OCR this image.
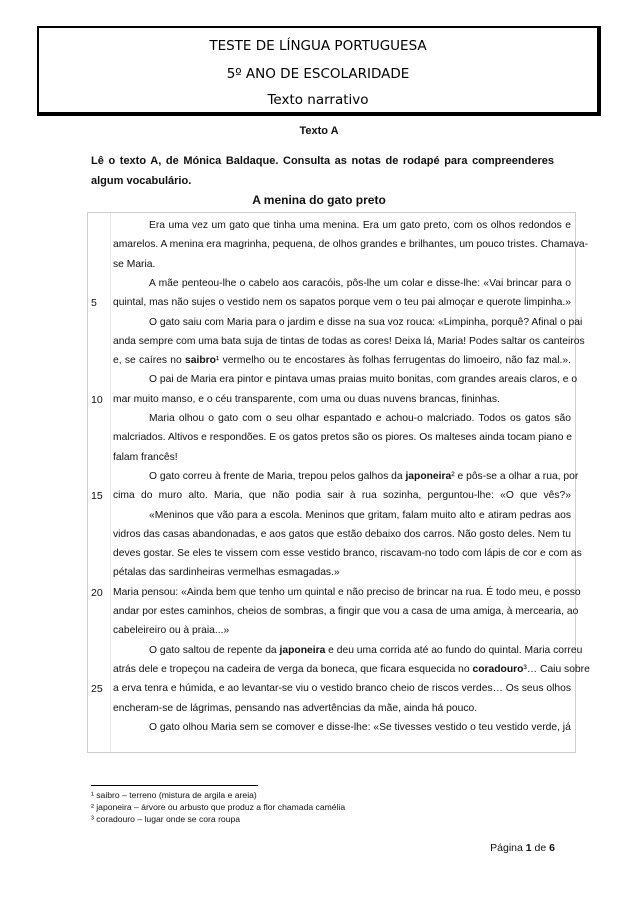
TESTE DE LÍNGUA PORTUGUESA
5º ANO DE ESCOLARIDADE
Texto narrativo
Texto A
Lê o texto A, de Mónica Baldaque. Consulta as notas de rodapé para compreenderes algum vocabulário.
A menina do gato preto
Era uma vez um gato que tinha uma menina. Era um gato preto, com os olhos redondos e
amarelos. A menina era magrinha, pequena, de olhos grandes e brilhantes, um pouco tristes. Chamava-
se Maria.
A mãe penteou-lhe o cabelo aos caracóis, pôs-lhe um colar e disse-lhe: «Vai brincar para o
quintal, mas não sujes o vestido nem os sapatos porque vem o teu pai almoçar e querote limpinha.»
O gato saiu com Maria para o jardim e disse na sua voz rouca: «Limpinha, porquê? Afinal o pai
anda sempre com uma bata suja de tintas de todas as cores! Deixa lá, Maria! Podes saltar os canteiros
e, se caíres no saibro¹ vermelho ou te encostares às folhas ferrugentas do limoeiro, não faz mal.».
O pai de Maria era pintor e pintava umas praias muito bonitas, com grandes areais claros, e o
mar muito manso, e o céu transparente, com uma ou duas nuvens brancas, fininhas.
Maria olhou o gato com o seu olhar espantado e achou-o malcriado. Todos os gatos são
malcriados. Altivos e respondões. E os gatos pretos são os piores. Os malteses ainda tocam piano e
falam francês!
O gato correu à frente de Maria, trepou pelos galhos da japoneira² e pôs-se a olhar a rua, por
cima do muro alto. Maria, que não podia sair à rua sozinha, perguntou-lhe: «O que vês?»
«Meninos que vão para a escola. Meninos que gritam, falam muito alto e atiram pedras aos
vidros das casas abandonadas, e aos gatos que estão debaixo dos carros. Não gosto deles. Nem tu
deves gostar. Se eles te vissem com esse vestido branco, riscavam-no todo com lápis de cor e com as
pétalas das sardinheiras vermelhas esmagadas.»
Maria pensou: «Ainda bem que tenho um quintal e não preciso de brincar na rua. É todo meu, e posso
andar por estes caminhos, cheios de sombras, a fingir que vou a casa de uma amiga, à mercearia, ao
cabeleireiro ou à praia...»
O gato saltou de repente da japoneira e deu uma corrida até ao fundo do quintal. Maria correu
atrás dele e tropeçou na cadeira de verga da boneca, que ficara esquecida no coradouro³… Caiu sobre
a erva tenra e húmida, e ao levantar-se viu o vestido branco cheio de riscos verdes… Os seus olhos
encheram-se de lágrimas, pensando nas advertências da mãe, ainda há pouco.
O gato olhou Maria sem se comover e disse-lhe: «Se tivesses vestido o teu vestido verde, já
5
10
15
20
25
¹ saibro – terreno (mistura de argila e areia)
² japoneira – árvore ou arbusto que produz a flor chamada camélia
³ coradouro – lugar onde se cora roupa
Página 1 de 6
